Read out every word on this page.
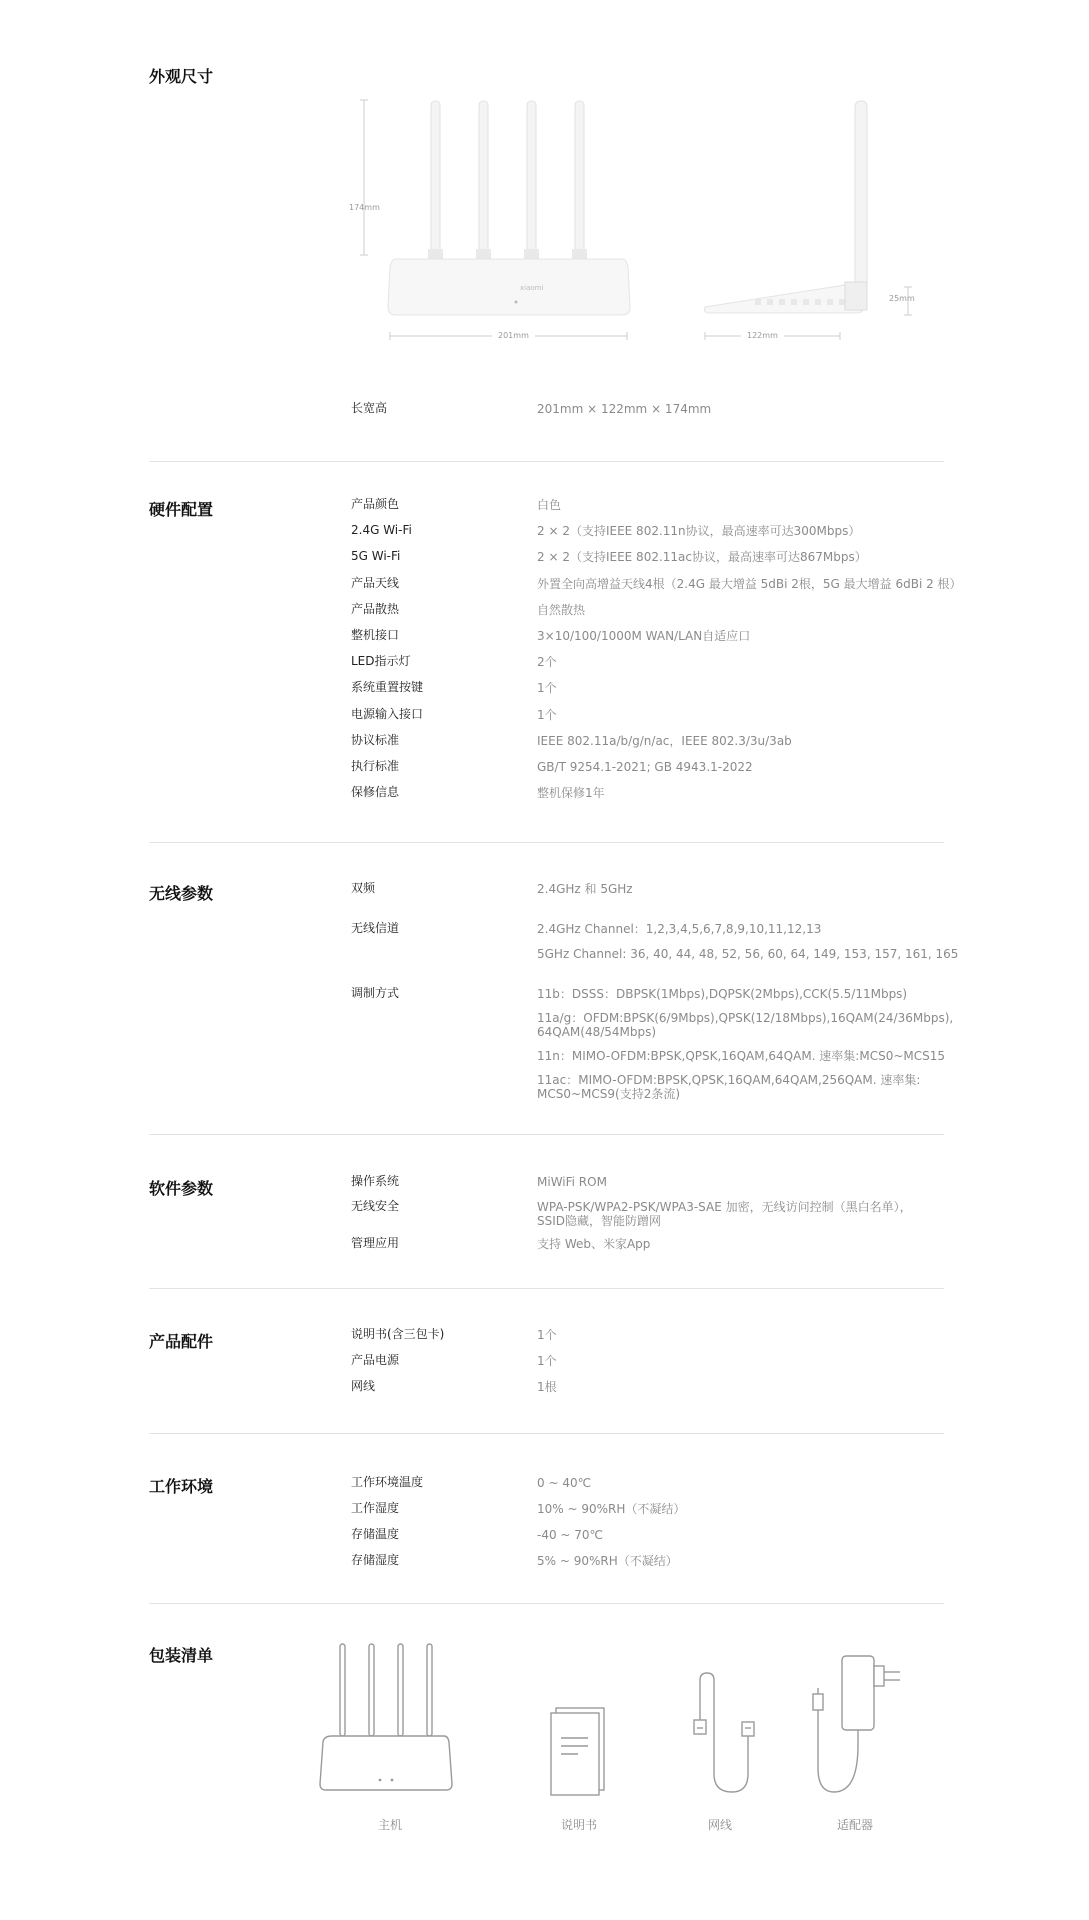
外观尺寸
174mm
xiaomi
201mm
25mm
122mm
长宽高	201mm × 122mm × 174mm
硬件配置	产品颜色	白色
2.4G Wi-Fi	2 × 2（支持IEEE 802.11n协议，最高速率可达300Mbps）
5G Wi-Fi	2 × 2（支持IEEE 802.11ac协议，最高速率可达867Mbps）
产品天线	外置全向高增益天线4根（2.4G 最大增益 5dBi 2根，5G 最大增益 6dBi 2 根）
产品散热	自然散热
整机接口	3×10/100/1000M WAN/LAN自适应口
LED指示灯	2个
系统重置按键	1个
电源输入接口	1个
协议标准	IEEE 802.11a/b/g/n/ac，IEEE 802.3/3u/3ab
执行标准	GB/T 9254.1-2021; GB 4943.1-2022
保修信息	整机保修1年
无线参数	双频	2.4GHz 和 5GHz
无线信道	2.4GHz Channel：1,2,3,4,5,6,7,8,9,10,11,12,13
5GHz Channel: 36, 40, 44, 48, 52, 56, 60, 64, 149, 153, 157, 161, 165
调制方式	11b：DSSS：DBPSK(1Mbps),DQPSK(2Mbps),CCK(5.5/11Mbps)
11a/g：OFDM:BPSK(6/9Mbps),QPSK(12/18Mbps),16QAM(24/36Mbps),
64QAM(48/54Mbps)
11n：MIMO-OFDM:BPSK,QPSK,16QAM,64QAM. 速率集:MCS0~MCS15
11ac：MIMO-OFDM:BPSK,QPSK,16QAM,64QAM,256QAM. 速率集:
MCS0~MCS9(支持2条流)
软件参数	操作系统	MiWiFi ROM
无线安全	WPA-PSK/WPA2-PSK/WPA3-SAE 加密，无线访问控制（黑白名单），
SSID隐藏，智能防蹭网
管理应用	支持 Web、米家App
产品配件	说明书(含三包卡)	1个
产品电源	1个
网线	1根
工作环境	工作环境温度	0 ~ 40℃
工作湿度	10% ~ 90%RH（不凝结）
存储温度	-40 ~ 70℃
存储湿度	5% ~ 90%RH（不凝结）
包装清单
主机	说明书	网线	适配器
